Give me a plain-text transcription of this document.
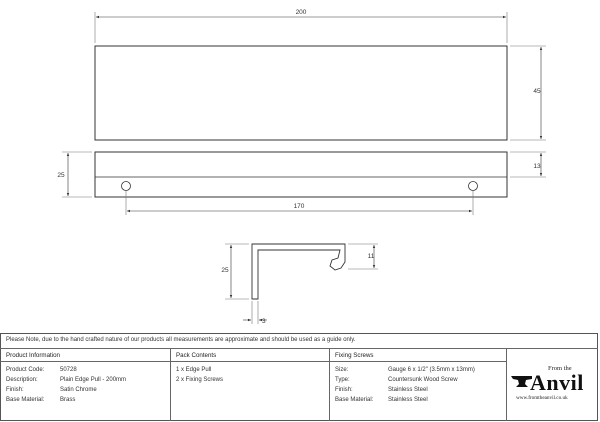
200
45
25
13
170
25
11
3
Please Note, due to the hand crafted nature of our products all measurements are approximate and should be used as a guide only.
Product Information
Product Code:	50728
Description:	Plain Edge Pull - 200mm
Finish:	Satin Chrome
Base Material:	Brass
Pack Contents
1 x Edge Pull
2 x Fixing Screws
Fixing Screws
Size:	Gauge 6 x 1/2" (3.5mm x 13mm)
Type:	Countersunk Wood Screw
Finish:	Stainless Steel
Base Material: Stainless Steel
From the
Anvil
www.fromtheanvil.co.uk
